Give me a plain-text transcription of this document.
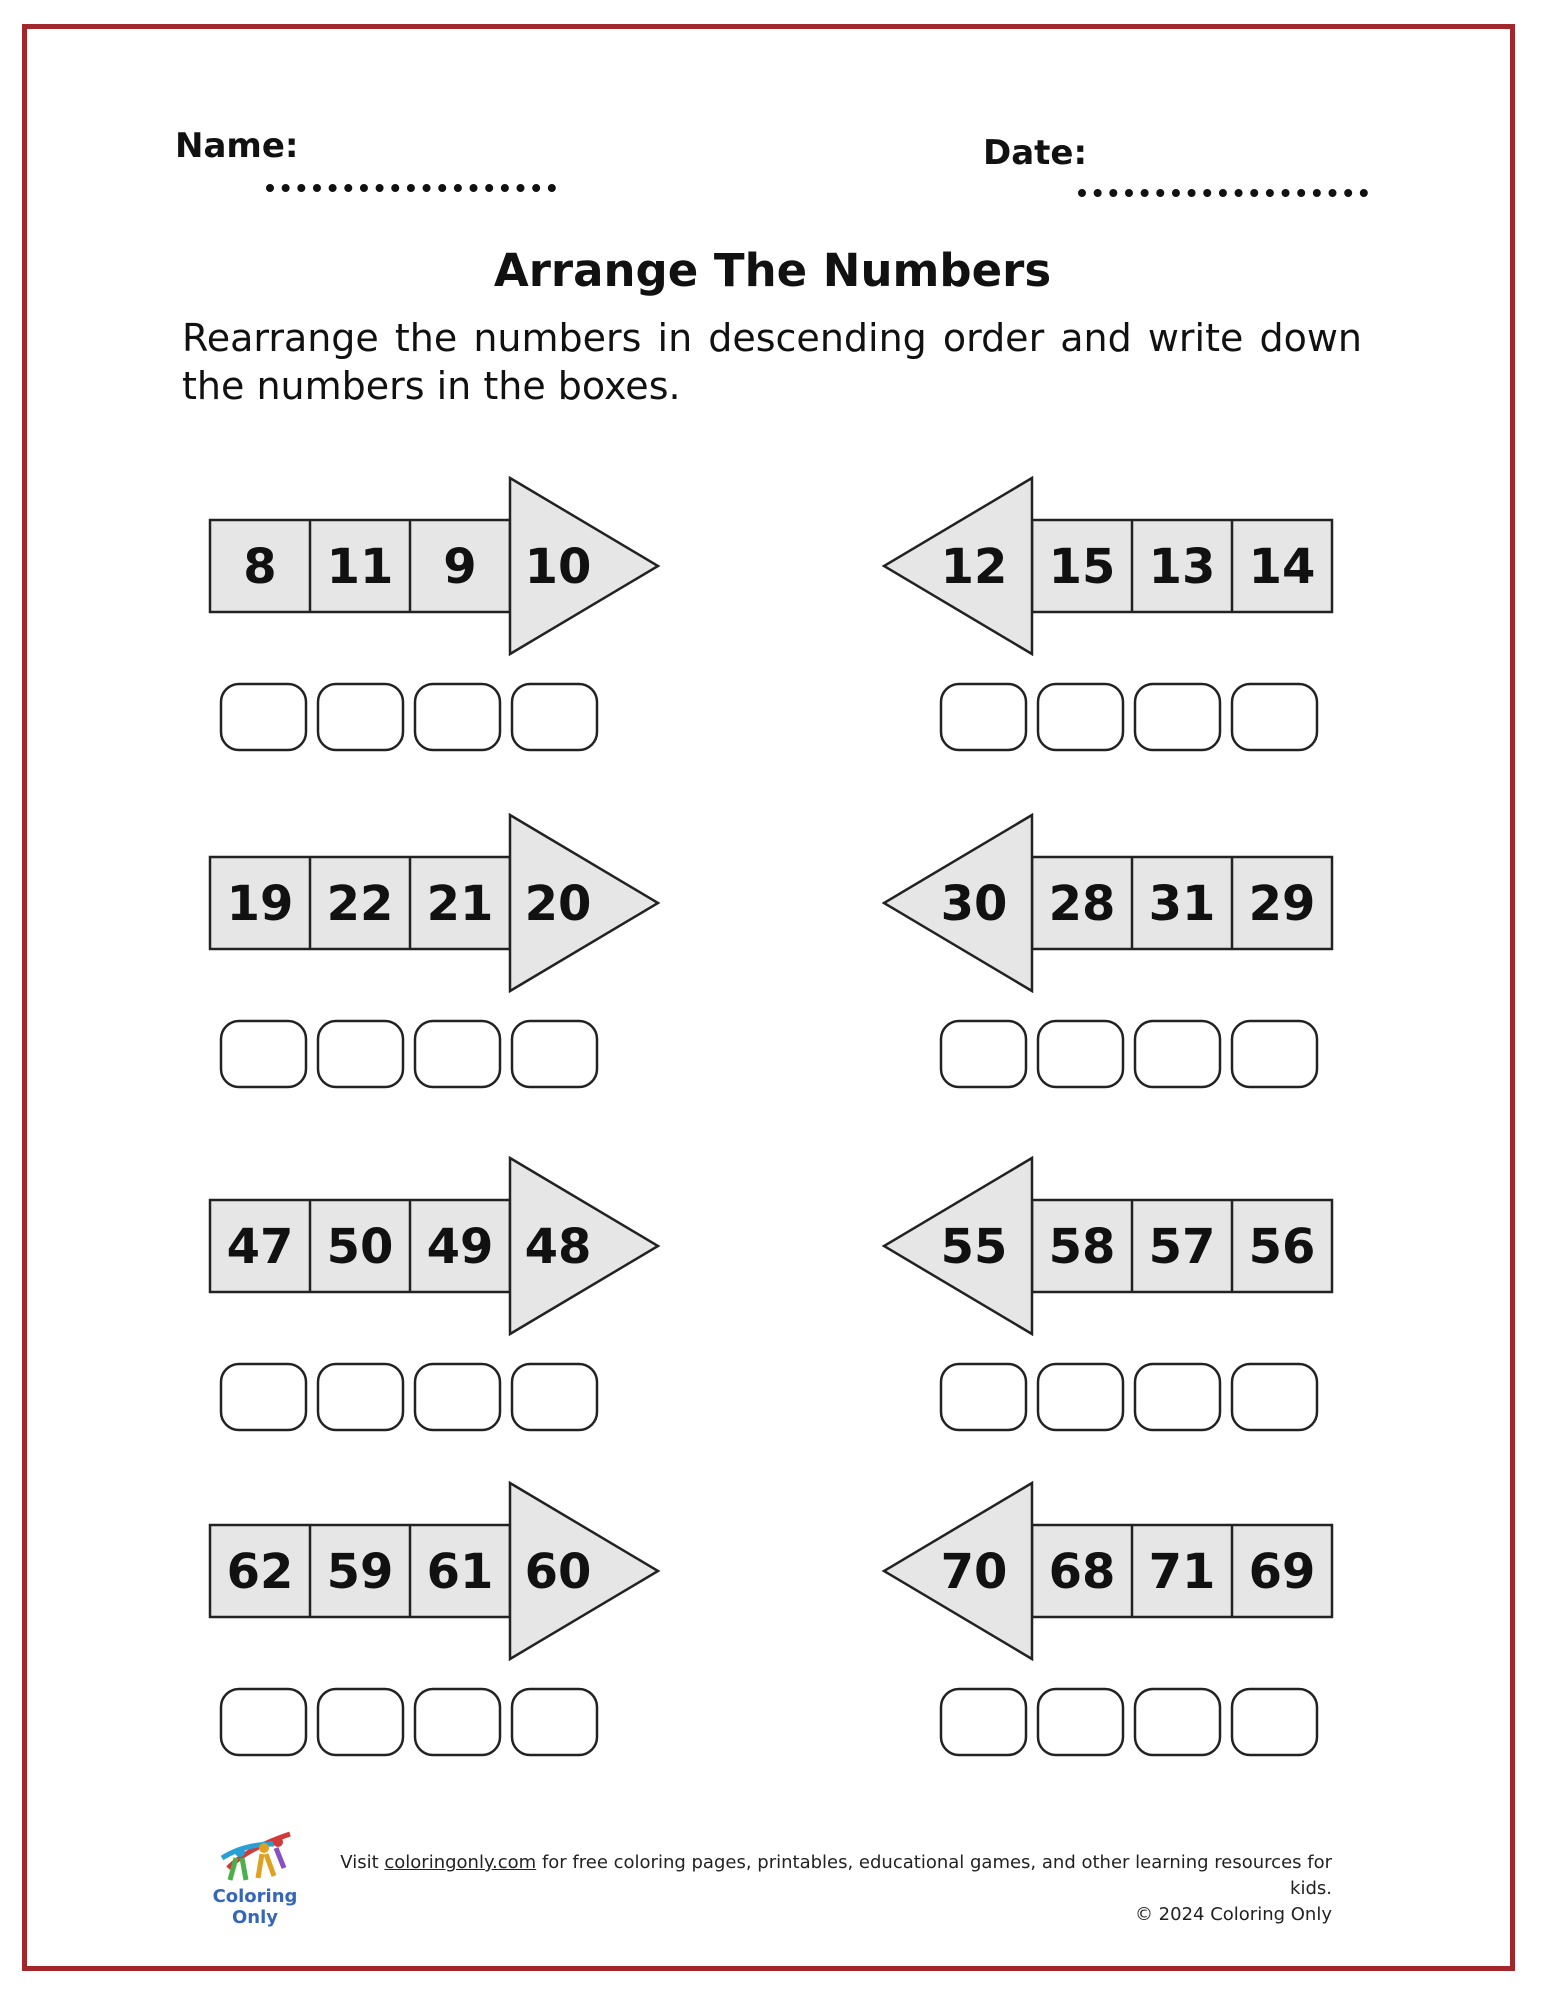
Name:	Date:
Arrange The Numbers
Rearrange the numbers in descending order and write down the numbers in the boxes.
8 11 9 10	12 15 13 14
19 22 21 20	30 28 31 29
47 50 49 48	55 58 57 56
62 59 61 60	70 68 71 69
Coloring Only
Visit coloringonly.com for free coloring pages, printables, educational games, and other learning resources for kids.
© 2024 Coloring Only
